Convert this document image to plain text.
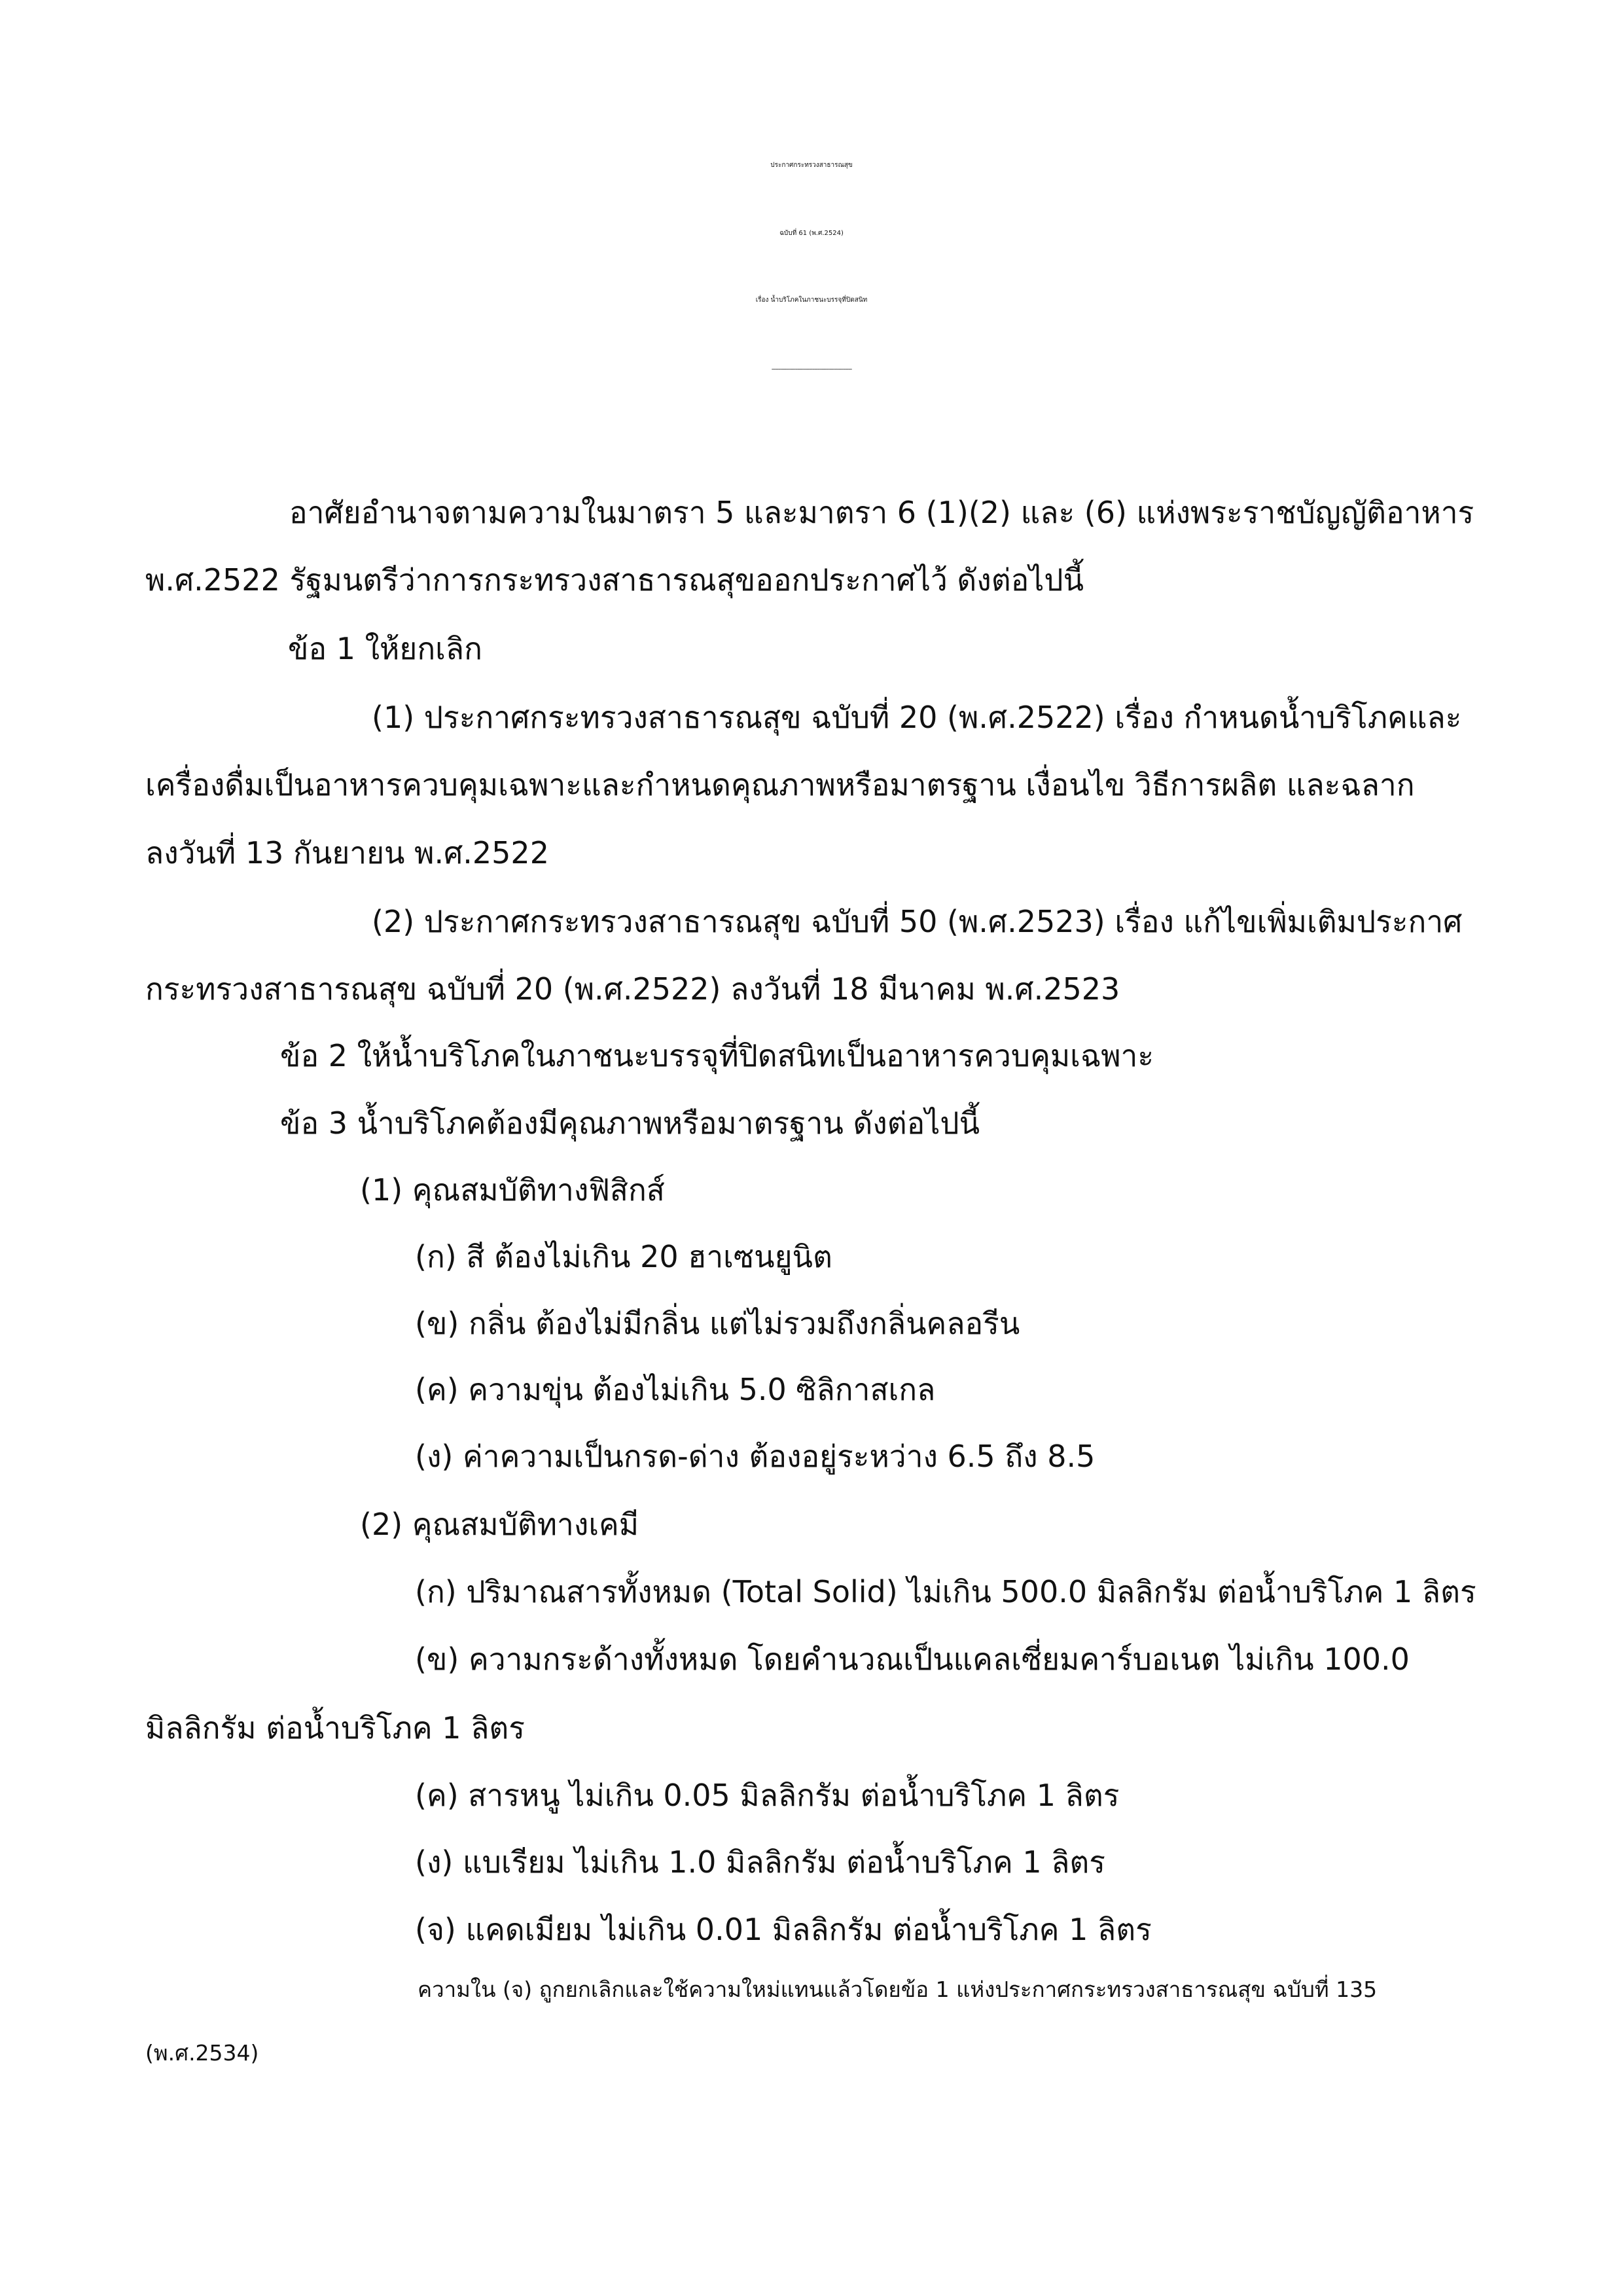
ประกาศกระทรวงสาธารณสุข
ฉบับที่ 61 (พ.ศ.2524)
เรื่อง น้ำบริโภคในภาชนะบรรจุที่ปิดสนิท
-----------------------------------------------
อาศัยอำนาจตามความในมาตรา 5 และมาตรา 6 (1)(2) และ (6) แห่งพระราชบัญญัติอาหาร
พ.ศ.2522 รัฐมนตรีว่าการกระทรวงสาธารณสุขออกประกาศไว้ ดังต่อไปนี้
ข้อ 1 ให้ยกเลิก
(1) ประกาศกระทรวงสาธารณสุข ฉบับที่ 20 (พ.ศ.2522) เรื่อง กำหนดน้ำบริโภคและ
เครื่องดื่มเป็นอาหารควบคุมเฉพาะและกำหนดคุณภาพหรือมาตรฐาน เงื่อนไข วิธีการผลิต และฉลาก
ลงวันที่ 13 กันยายน พ.ศ.2522
(2) ประกาศกระทรวงสาธารณสุข ฉบับที่ 50 (พ.ศ.2523) เรื่อง แก้ไขเพิ่มเติมประกาศ
กระทรวงสาธารณสุข ฉบับที่ 20 (พ.ศ.2522) ลงวันที่ 18 มีนาคม พ.ศ.2523
ข้อ 2 ให้น้ำบริโภคในภาชนะบรรจุที่ปิดสนิทเป็นอาหารควบคุมเฉพาะ
ข้อ 3 น้ำบริโภคต้องมีคุณภาพหรือมาตรฐาน ดังต่อไปนี้
(1) คุณสมบัติทางฟิสิกส์
(ก) สี ต้องไม่เกิน 20 ฮาเซนยูนิต
(ข) กลิ่น ต้องไม่มีกลิ่น แต่ไม่รวมถึงกลิ่นคลอรีน
(ค) ความขุ่น ต้องไม่เกิน 5.0 ซิลิกาสเกล
(ง) ค่าความเป็นกรด-ด่าง ต้องอยู่ระหว่าง 6.5 ถึง 8.5
(2) คุณสมบัติทางเคมี
(ก) ปริมาณสารทั้งหมด (Total Solid) ไม่เกิน 500.0 มิลลิกรัม ต่อน้ำบริโภค 1 ลิตร
(ข) ความกระด้างทั้งหมด โดยคำนวณเป็นแคลเซี่ยมคาร์บอเนต ไม่เกิน 100.0
มิลลิกรัม ต่อน้ำบริโภค 1 ลิตร
(ค) สารหนู ไม่เกิน 0.05 มิลลิกรัม ต่อน้ำบริโภค 1 ลิตร
(ง) แบเรียม ไม่เกิน 1.0 มิลลิกรัม ต่อน้ำบริโภค 1 ลิตร
(จ) แคดเมียม ไม่เกิน 0.01 มิลลิกรัม ต่อน้ำบริโภค 1 ลิตร
ความใน (จ) ถูกยกเลิกและใช้ความใหม่แทนแล้วโดยข้อ 1 แห่งประกาศกระทรวงสาธารณสุข ฉบับที่ 135
(พ.ศ.2534)
